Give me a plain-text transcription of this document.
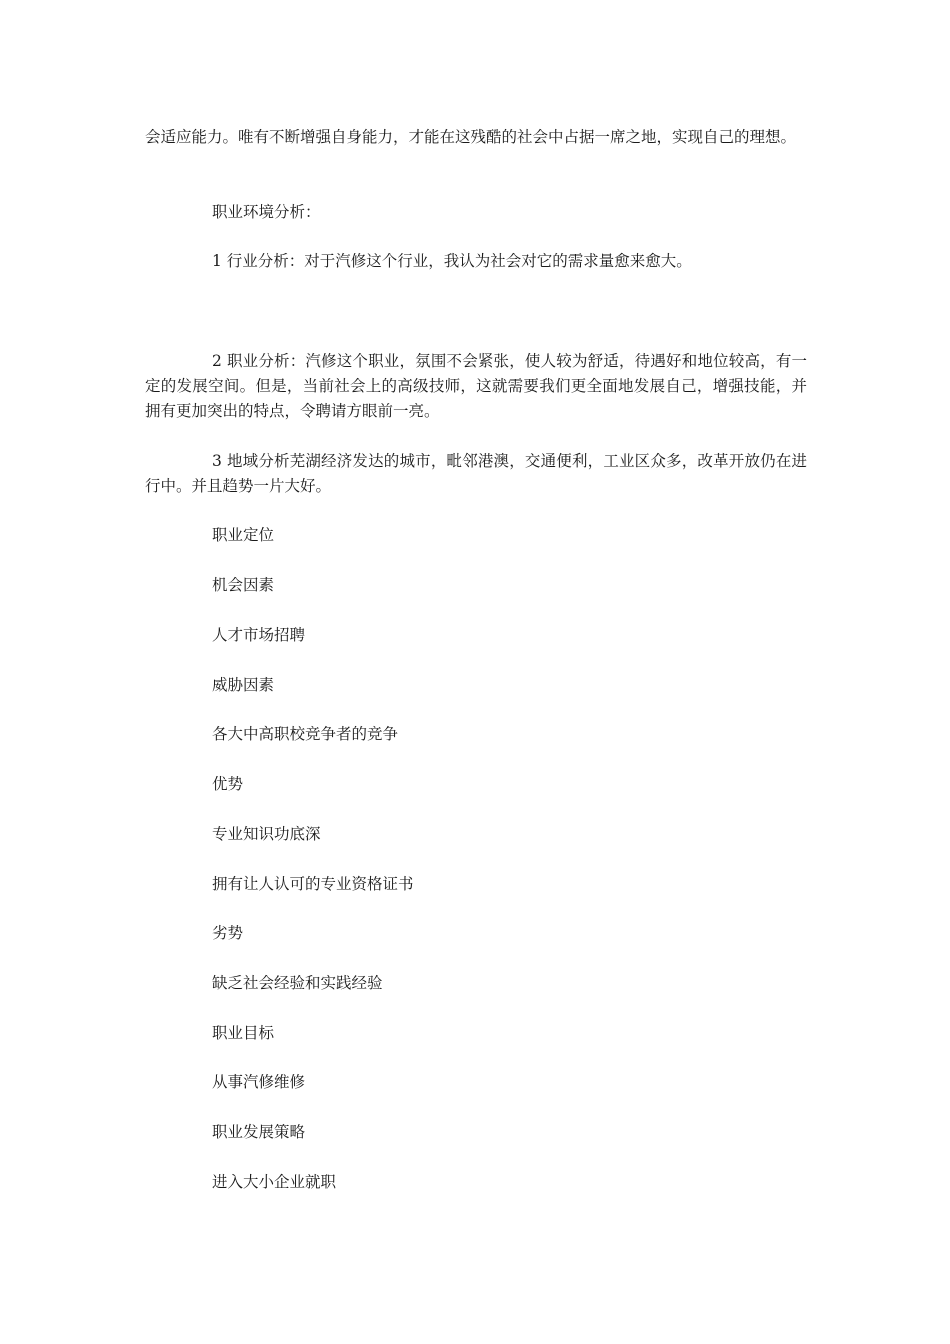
会适应能力。唯有不断增强自身能力，才能在这残酷的社会中占据一席之地，实现自己的理想。

职业环境分析：

1 行业分析：对于汽修这个行业，我认为社会对它的需求量愈来愈大。

2 职业分析：汽修这个职业，氛围不会紧张，使人较为舒适，待遇好和地位较高，有一定的发展空间。但是，当前社会上的高级技师，这就需要我们更全面地发展自己，增强技能，并拥有更加突出的特点，令聘请方眼前一亮。

3 地域分析芜湖经济发达的城市，毗邻港澳，交通便利，工业区众多，改革开放仍在进行中。并且趋势一片大好。

职业定位

机会因素

人才市场招聘

威胁因素

各大中高职校竞争者的竞争

优势

专业知识功底深

拥有让人认可的专业资格证书

劣势

缺乏社会经验和实践经验

职业目标

从事汽修维修

职业发展策略

进入大小企业就职
